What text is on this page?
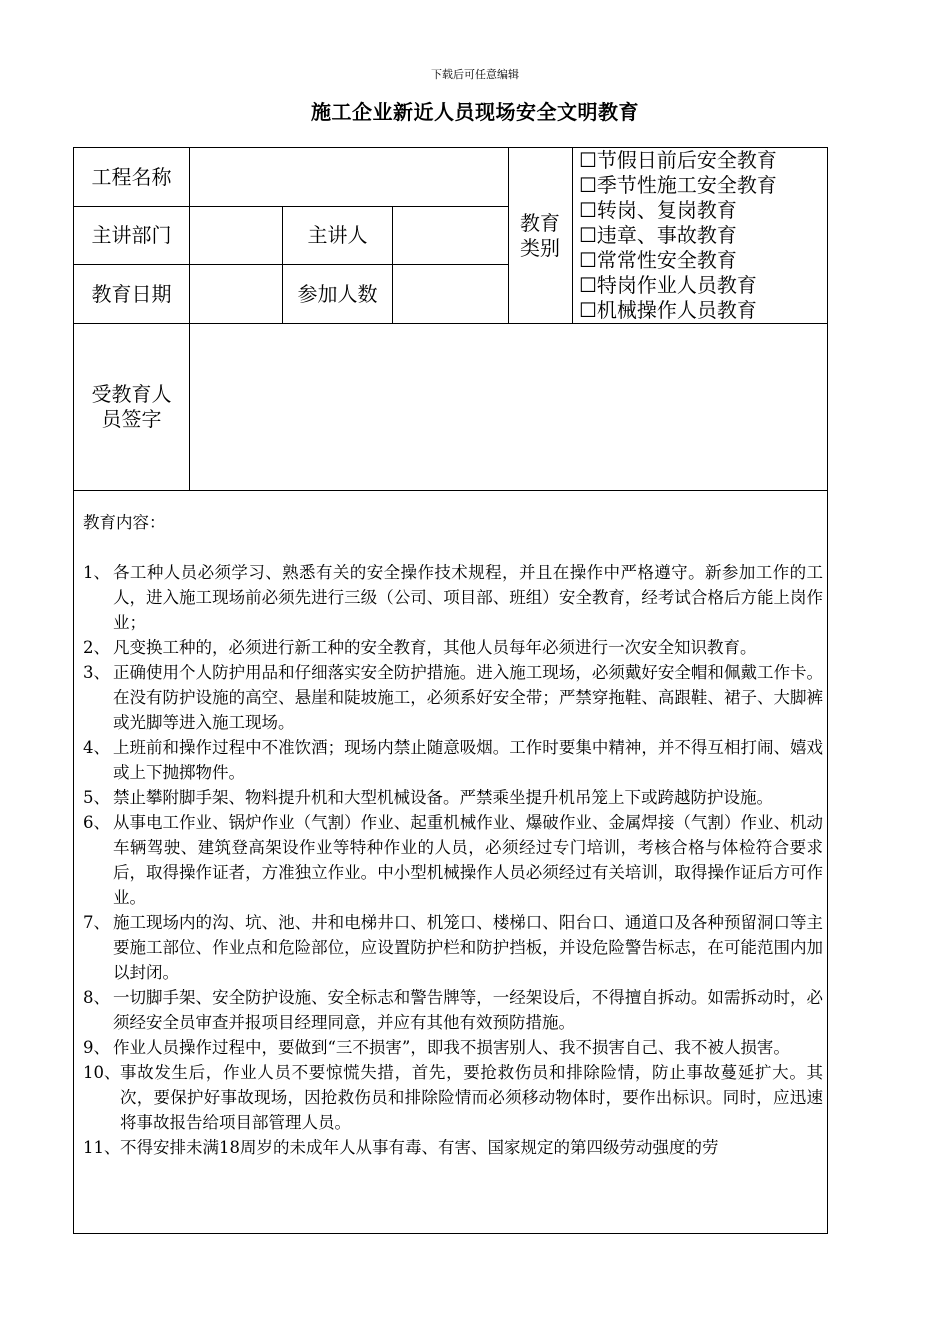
下载后可任意编辑
施工企业新近人员现场安全文明教育
工程名称
主讲部门	主讲人
教育日期	参加人数
教育类别
☐节假日前后安全教育
☐季节性施工安全教育
☐转岗、复岗教育
☐违章、事故教育
☐常常性安全教育
☐特岗作业人员教育
☐机械操作人员教育
受教育人员签字
教育内容：
1、 各工种人员必须学习、熟悉有关的安全操作技术规程，并且在操作中严格遵守。新参加工作的工人，进入施工现场前必须先进行三级（公司、项目部、班组）安全教育，经考试合格后方能上岗作业；
2、 凡变换工种的，必须进行新工种的安全教育，其他人员每年必须进行一次安全知识教育。
3、 正确使用个人防护用品和仔细落实安全防护措施。进入施工现场，必须戴好安全帽和佩戴工作卡。在没有防护设施的高空、悬崖和陡坡施工，必须系好安全带；严禁穿拖鞋、高跟鞋、裙子、大脚裤或光脚等进入施工现场。
4、 上班前和操作过程中不准饮酒；现场内禁止随意吸烟。工作时要集中精神，并不得互相打闹、嬉戏或上下抛掷物件。
5、 禁止攀附脚手架、物料提升机和大型机械设备。严禁乘坐提升机吊笼上下或跨越防护设施。
6、 从事电工作业、锅炉作业（气割）作业、起重机械作业、爆破作业、金属焊接（气割）作业、机动车辆驾驶、建筑登高架设作业等特种作业的人员，必须经过专门培训，考核合格与体检符合要求后，取得操作证者，方准独立作业。中小型机械操作人员必须经过有关培训，取得操作证后方可作业。
7、 施工现场内的沟、坑、池、井和电梯井口、机笼口、楼梯口、阳台口、通道口及各种预留洞口等主要施工部位、作业点和危险部位，应设置防护栏和防护挡板，并设危险警告标志，在可能范围内加以封闭。
8、 一切脚手架、安全防护设施、安全标志和警告牌等，一经架设后，不得擅自拆动。如需拆动时，必须经安全员审查并报项目经理同意，并应有其他有效预防措施。
9、 作业人员操作过程中，要做到“三不损害”，即我不损害别人、我不损害自己、我不被人损害。
10、 事故发生后，作业人员不要惊慌失措，首先，要抢救伤员和排除险情，防止事故蔓延扩大。其次，要保护好事故现场，因抢救伤员和排除险情而必须移动物体时，要作出标识。同时，应迅速将事故报告给项目部管理人员。
11、 不得安排未满18周岁的未成年人从事有毒、有害、国家规定的第四级劳动强度的劳
